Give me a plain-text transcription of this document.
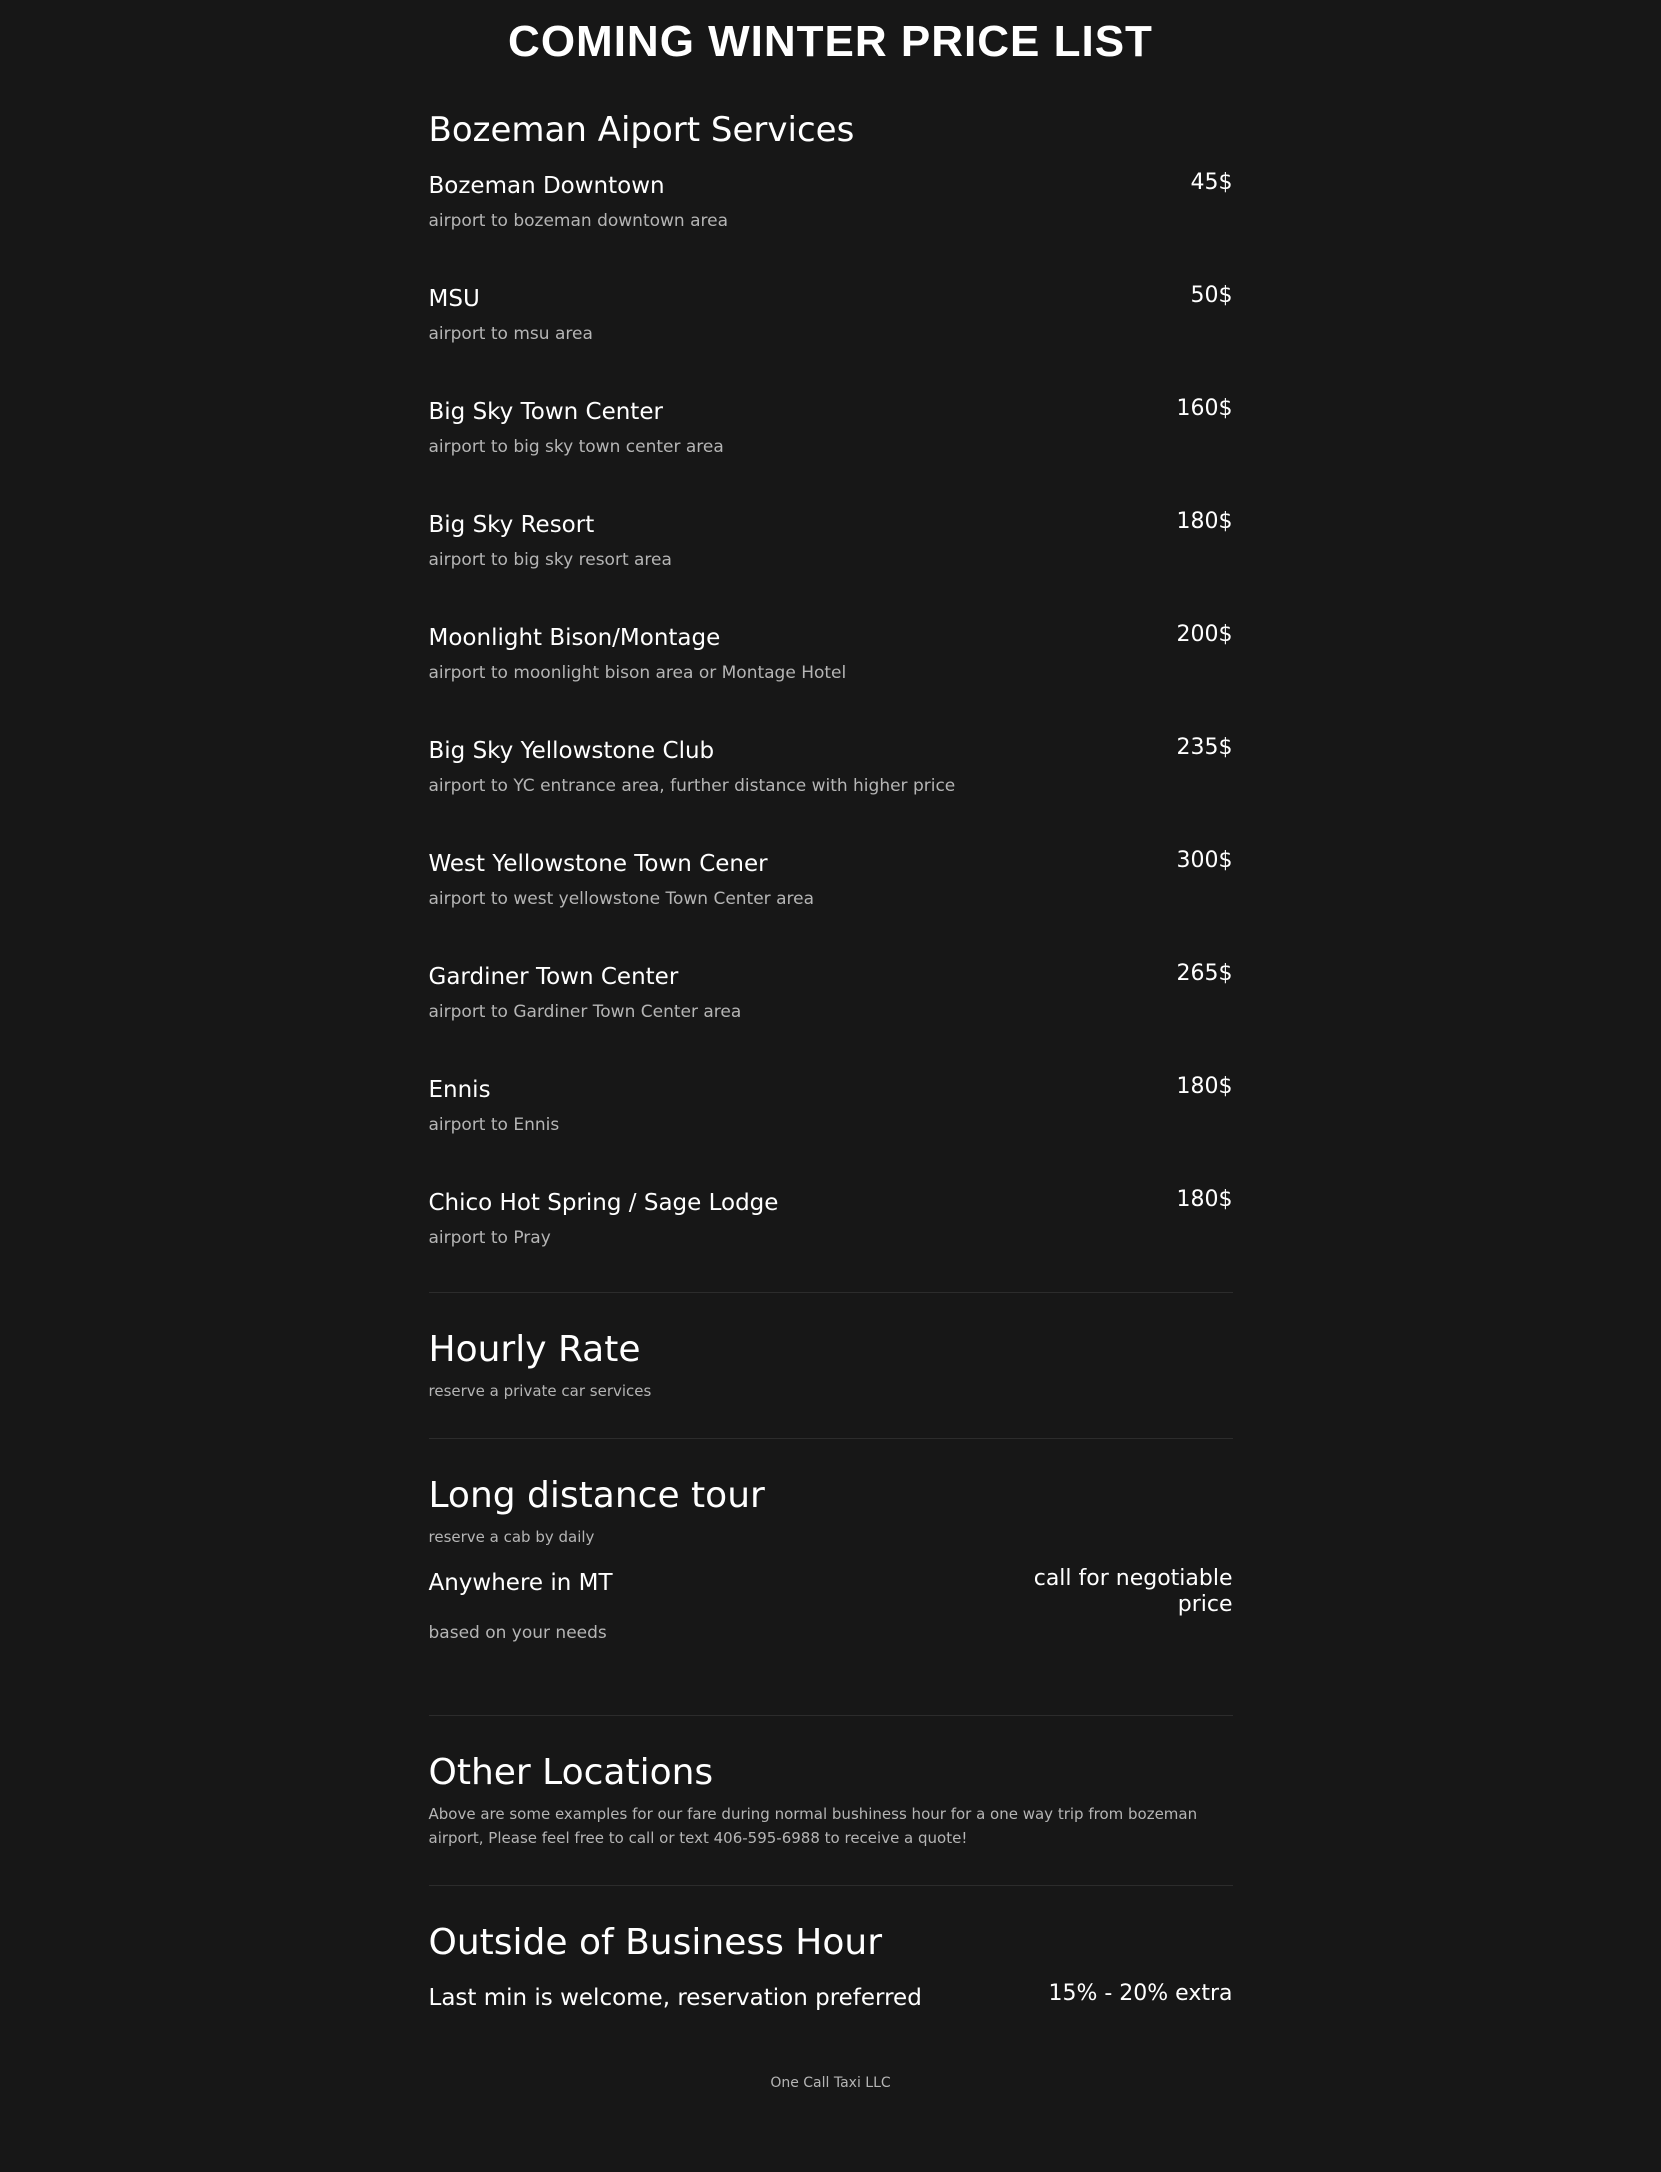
COMING WINTER PRICE LIST
Bozeman Aiport Services
Bozeman Downtown
airport to bozeman downtown area
45$
MSU
airport to msu area
50$
Big Sky Town Center
airport to big sky town center area
160$
Big Sky Resort
airport to big sky resort area
180$
Moonlight Bison/Montage
airport to moonlight bison area or Montage Hotel
200$
Big Sky Yellowstone Club
airport to YC entrance area, further distance with higher price
235$
West Yellowstone Town Cener
airport to west yellowstone Town Center area
300$
Gardiner Town Center
airport to Gardiner Town Center area
265$
Ennis
airport to Ennis
180$
Chico Hot Spring / Sage Lodge
airport to Pray
180$
Hourly Rate
reserve a private car services
Long distance tour
reserve a cab by daily
Anywhere in MT
based on your needs
call for negotiable price
Other Locations
Above are some examples for our fare during normal bushiness hour for a one way trip from bozeman airport, Please feel free to call or text 406-595-6988 to receive a quote!
Outside of Business Hour
Last min is welcome, reservation preferred	15% - 20% extra
One Call Taxi LLC
